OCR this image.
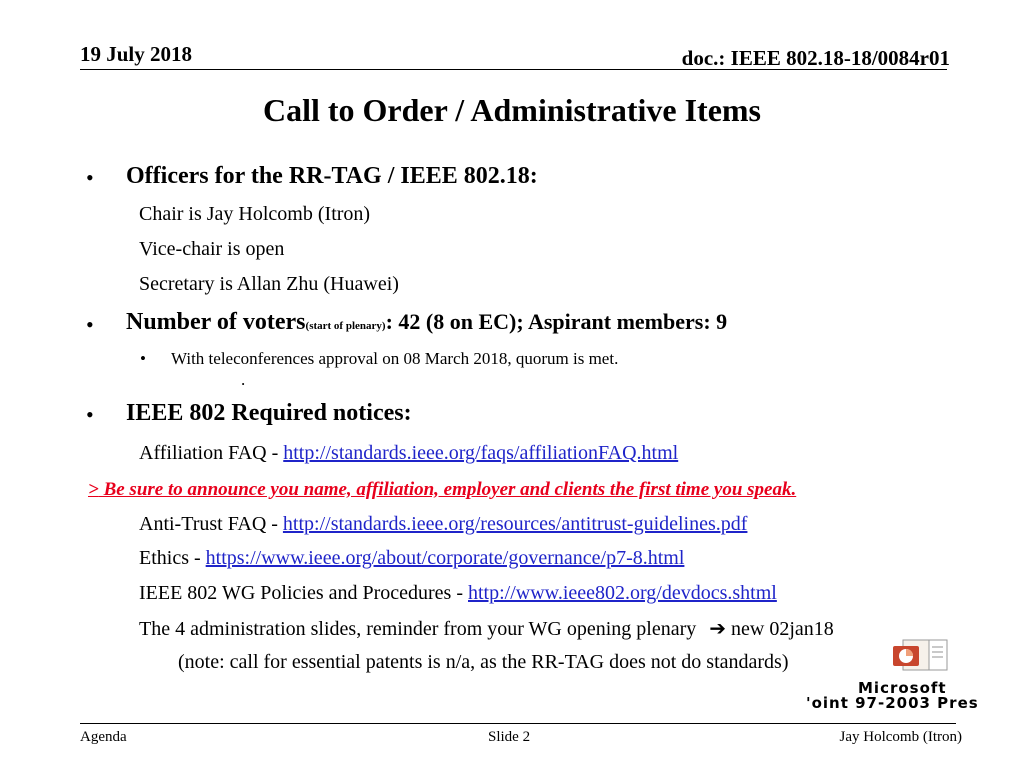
19 July 2018	doc.: IEEE 802.18-18/0084r01
Call to Order / Administrative Items
• Officers for the RR-TAG / IEEE 802.18:
Chair is Jay Holcomb (Itron)
Vice-chair is open
Secretary is Allan Zhu (Huawei)
• Number of voters(start of plenary): 42 (8 on EC); Aspirant members: 9
• With teleconferences approval on 08 March 2018, quorum is met.
.
• IEEE 802 Required notices:
Affiliation FAQ - http://standards.ieee.org/faqs/affiliationFAQ.html
> Be sure to announce you name, affiliation, employer and clients the first time you speak.
Anti-Trust FAQ - http://standards.ieee.org/resources/antitrust-guidelines.pdf
Ethics - https://www.ieee.org/about/corporate/governance/p7-8.html
IEEE 802 WG Policies and Procedures - http://www.ieee802.org/devdocs.shtml
The 4 administration slides, reminder from your WG opening plenary ➔ new 02jan18
(note: call for essential patents is n/a, as the RR-TAG does not do standards)
Microsoft
'oint 97-2003 Pres
Agenda	Slide 2	Jay Holcomb (Itron)
